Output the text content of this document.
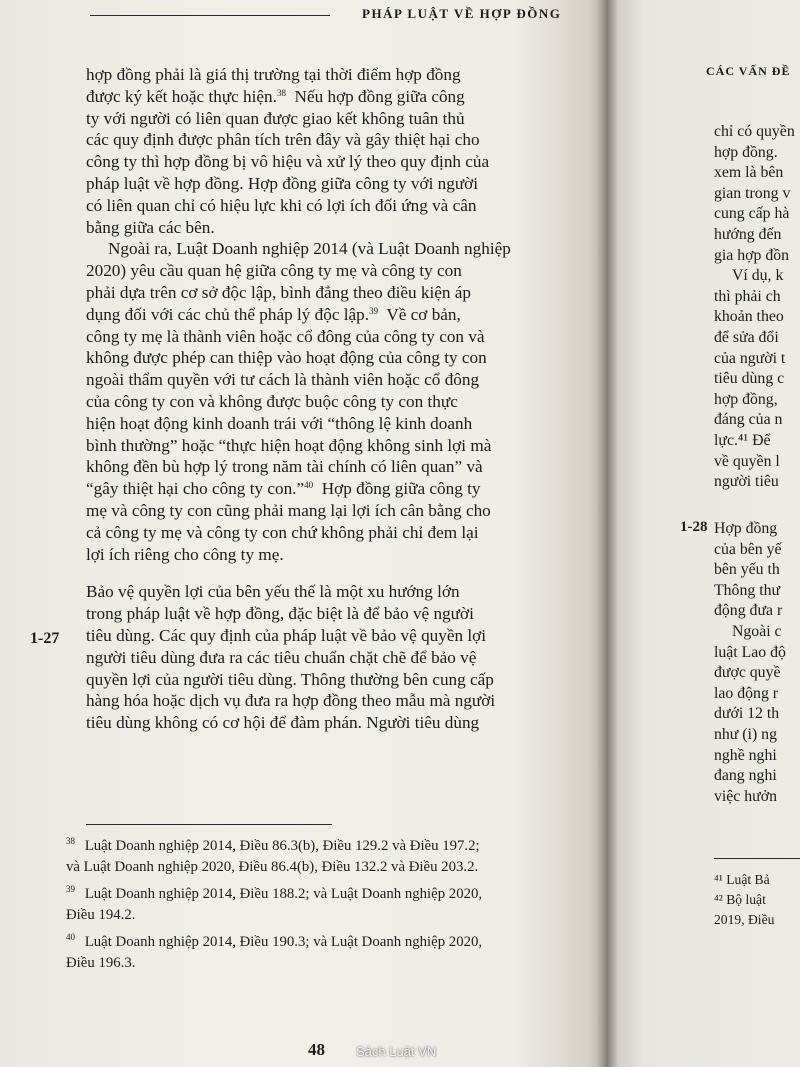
PHÁP LUẬT VỀ HỢP ĐỒNG
hợp đồng phải là giá thị trường tại thời điểm hợp đồng
được ký kết hoặc thực hiện.$^{38}$  Nếu hợp đồng giữa công
ty với người có liên quan được giao kết không tuân thủ
các quy định được phân tích trên đây và gây thiệt hại cho
công ty thì hợp đồng bị vô hiệu và xử lý theo quy định của
pháp luật về hợp đồng. Hợp đồng giữa công ty với người
có liên quan chỉ có hiệu lực khi có lợi ích đối ứng và cân
bằng giữa các bên.
Ngoài ra, Luật Doanh nghiệp 2014 (và Luật Doanh nghiệp
2020) yêu cầu quan hệ giữa công ty mẹ và công ty con
phải dựa trên cơ sở độc lập, bình đẳng theo điều kiện áp
dụng đối với các chủ thể pháp lý độc lập.$^{39}$  Về cơ bản,
công ty mẹ là thành viên hoặc cổ đông của công ty con và
không được phép can thiệp vào hoạt động của công ty con
ngoài thẩm quyền với tư cách là thành viên hoặc cổ đông
của công ty con và không được buộc công ty con thực
hiện hoạt động kinh doanh trái với “thông lệ kinh doanh
bình thường” hoặc “thực hiện hoạt động không sinh lợi mà
không đền bù hợp lý trong năm tài chính có liên quan” và
“gây thiệt hại cho công ty con.”$^{40}$  Hợp đồng giữa công ty
mẹ và công ty con cũng phải mang lại lợi ích cân bằng cho
cả công ty mẹ và công ty con chứ không phải chỉ đem lại
lợi ích riêng cho công ty mẹ.
Bảo vệ quyền lợi của bên yếu thế là một xu hướng lớn
trong pháp luật về hợp đồng, đặc biệt là để bảo vệ người
tiêu dùng. Các quy định của pháp luật về bảo vệ quyền lợi
người tiêu dùng đưa ra các tiêu chuẩn chặt chẽ để bảo vệ
quyền lợi của người tiêu dùng. Thông thường bên cung cấp
hàng hóa hoặc dịch vụ đưa ra hợp đồng theo mẫu mà người
tiêu dùng không có cơ hội để đàm phán. Người tiêu dùng
1-27
$^{38}$ Luật Doanh nghiệp 2014, Điều 86.3(b), Điều 129.2 và Điều 197.2;
và Luật Doanh nghiệp 2020, Điều 86.4(b), Điều 132.2 và Điều 203.2.
$^{39}$ Luật Doanh nghiệp 2014, Điều 188.2; và Luật Doanh nghiệp 2020,
Điều 194.2.
$^{40}$ Luật Doanh nghiệp 2014, Điều 190.3; và Luật Doanh nghiệp 2020,
Điều 196.3.
48
CÁC VẤN ĐỀ
chỉ có quyền
hợp đồng.
xem là bên
gian trong v
cung cấp hà
hướng đến
gia hợp đồn
Ví dụ, k
thì phải ch
khoản theo
để sửa đổi
của người t
tiêu dùng c
hợp đồng,
đáng của n
lực.⁴¹ Để
về quyền l
người tiêu
1-28 Hợp đồng
của bên yế
bên yếu th
Thông thư
động đưa r
Ngoài c
luật Lao độ
được quyề
lao động r
dưới 12 th
như (i) ng
nghề nghi
đang nghi
việc hưởn
⁴¹ Luật Bả
⁴² Bộ luật
2019, Điều
Sách Luật VN
